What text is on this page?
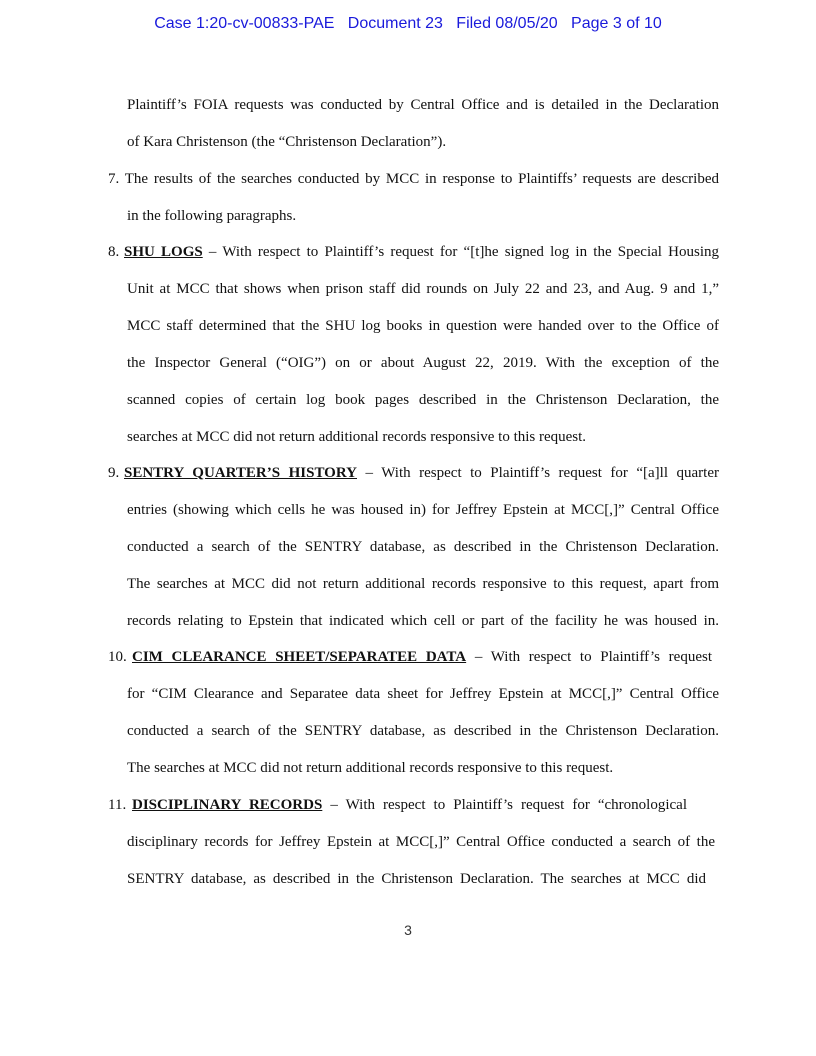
Case 1:20-cv-00833-PAE Document 23 Filed 08/05/20 Page 3 of 10
Plaintiff’s FOIA requests was conducted by Central Office and is detailed in the Declaration
of Kara Christenson (the “Christenson Declaration”).
7. The results of the searches conducted by MCC in response to Plaintiffs’ requests are described
in the following paragraphs.
8. SHU LOGS – With respect to Plaintiff’s request for “[t]he signed log in the Special Housing
Unit at MCC that shows when prison staff did rounds on July 22 and 23, and Aug. 9 and 1,”
MCC staff determined that the SHU log books in question were handed over to the Office of
the Inspector General (“OIG”) on or about August 22, 2019. With the exception of the
scanned copies of certain log book pages described in the Christenson Declaration, the
searches at MCC did not return additional records responsive to this request.
9. SENTRY QUARTER’S HISTORY – With respect to Plaintiff’s request for “[a]ll quarter
entries (showing which cells he was housed in) for Jeffrey Epstein at MCC[,]” Central Office
conducted a search of the SENTRY database, as described in the Christenson Declaration.
The searches at MCC did not return additional records responsive to this request, apart from
records relating to Epstein that indicated which cell or part of the facility he was housed in.
10. CIM CLEARANCE SHEET/SEPARATEE DATA – With respect to Plaintiff’s request
for “CIM Clearance and Separatee data sheet for Jeffrey Epstein at MCC[,]” Central Office
conducted a search of the SENTRY database, as described in the Christenson Declaration.
The searches at MCC did not return additional records responsive to this request.
11. DISCIPLINARY RECORDS – With respect to Plaintiff’s request for “chronological
disciplinary records for Jeffrey Epstein at MCC[,]” Central Office conducted a search of the
SENTRY database, as described in the Christenson Declaration. The searches at MCC did
3
